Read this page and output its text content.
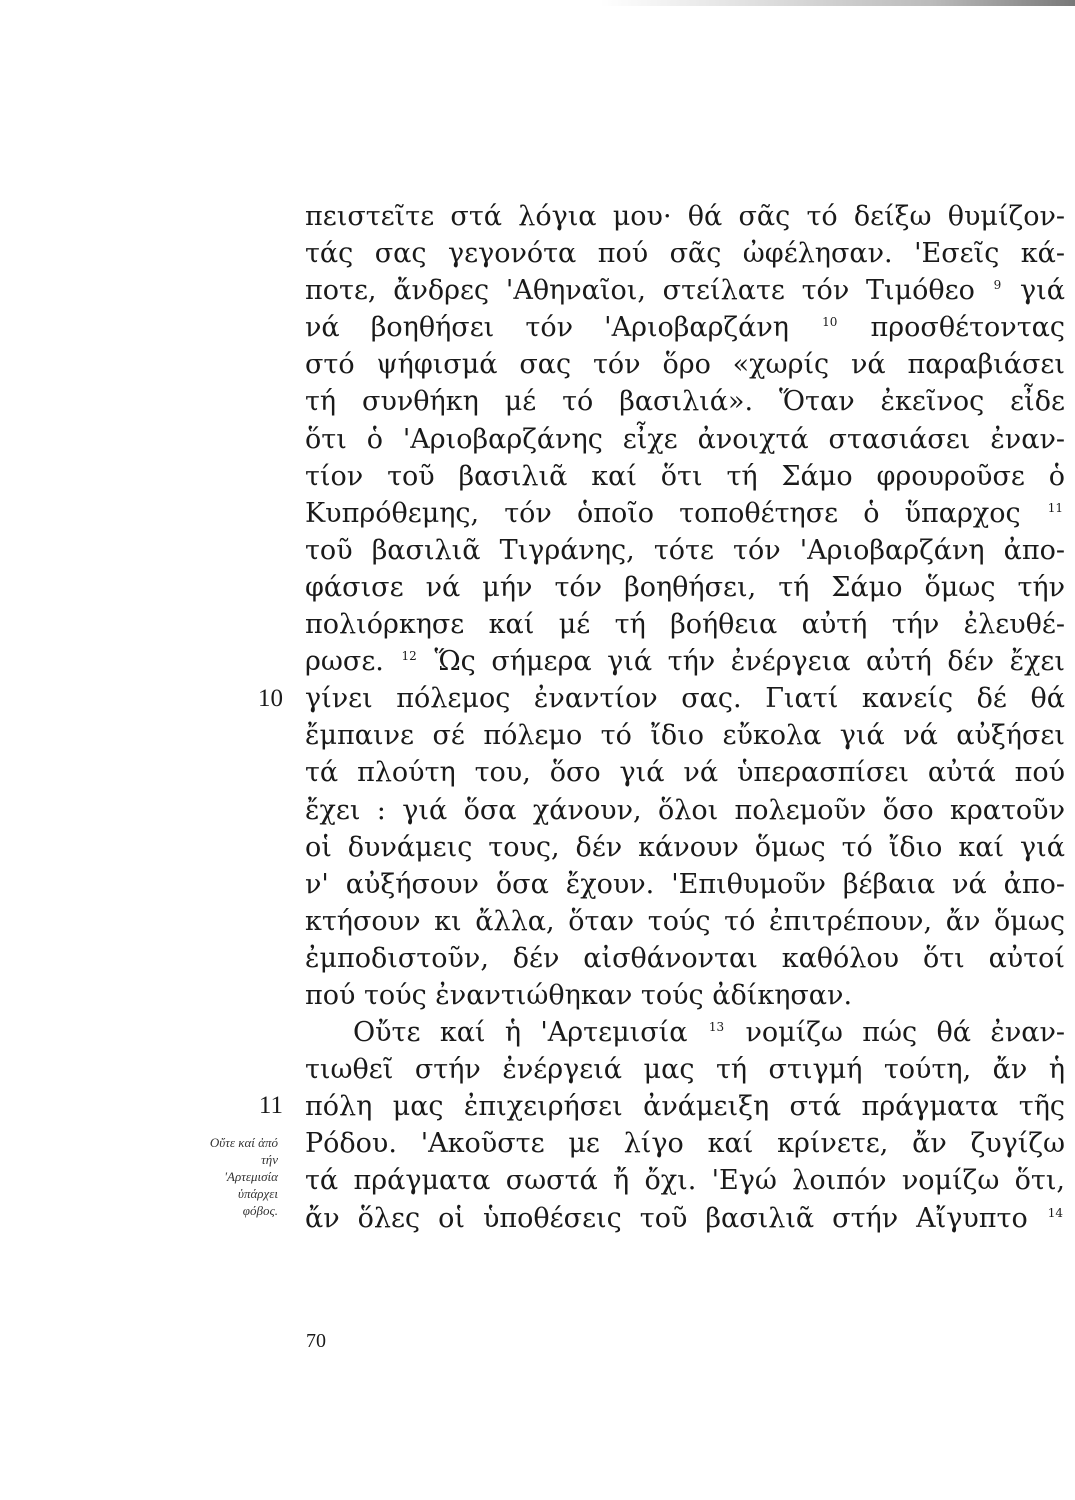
πειστεῖτε στά λόγια μου· θά σᾶς τό δείξω θυμίζον-
τάς σας γεγονότα πού σᾶς ὠφέλησαν. 'Εσεῖς κά-
ποτε, ἄνδρες 'Αθηναῖοι, στείλατε τόν Τιμόθεο $^9$ γιά
νά βοηθήσει τόν 'Αριοβαρζάνη $^{10}$ προσθέτοντας
στό ψήφισμά σας τόν ὅρο «χωρίς νά παραβιάσει
τή συνθήκη μέ τό βασιλιά». Ὅταν ἐκεῖνος εἶδε
ὅτι ὁ 'Αριοβαρζάνης εἶχε ἀνοιχτά στασιάσει ἐναν-
τίον τοῦ βασιλιᾶ καί ὅτι τή Σάμο φρουροῦσε ὁ
Κυπρόθεμης, τόν ὁποῖο τοποθέτησε ὁ ὕπαρχος $^{11}$
τοῦ βασιλιᾶ Τιγράνης, τότε τόν 'Αριοβαρζάνη ἀπο-
φάσισε νά μήν τόν βοηθήσει, τή Σάμο ὅμως τήν
πολιόρκησε καί μέ τή βοήθεια αὐτή τήν ἐλευθέ-
ρωσε. $^{12}$ Ὥς σήμερα γιά τήν ἐνέργεια αὐτή δέν ἔχει
γίνει πόλεμος ἐναντίον σας. Γιατί κανείς δέ θά
ἔμπαινε σέ πόλεμο τό ἴδιο εὔκολα γιά νά αὐξήσει
τά πλούτη του, ὅσο γιά νά ὑπερασπίσει αὐτά πού
ἔχει : γιά ὅσα χάνουν, ὅλοι πολεμοῦν ὅσο κρατοῦν
οἱ δυνάμεις τους, δέν κάνουν ὅμως τό ἴδιο καί γιά
ν' αὐξήσουν ὅσα ἔχουν. 'Επιθυμοῦν βέβαια νά ἀπο-
κτήσουν κι ἄλλα, ὅταν τούς τό ἐπιτρέπουν, ἄν ὅμως
ἐμποδιστοῦν, δέν αἰσθάνονται καθόλου ὅτι αὐτοί
πού τούς ἐναντιώθηκαν τούς ἀδίκησαν.
Οὔτε καί ἡ 'Αρτεμισία $^{13}$ νομίζω πώς θά ἐναν-
τιωθεῖ στήν ἐνέργειά μας τή στιγμή τούτη, ἄν ἡ
πόλη μας ἐπιχειρήσει ἀνάμειξη στά πράγματα τῆς
Ρόδου. 'Ακοῦστε με λίγο καί κρίνετε, ἄν ζυγίζω
τά πράγματα σωστά ἤ ὄχι. 'Εγώ λοιπόν νομίζω ὅτι,
ἄν ὅλες οἱ ὑποθέσεις τοῦ βασιλιᾶ στήν Αἴγυπτο $^{14}$
10
11
Οὔτε καί ἀπό
τήν
'Αρτεμισία
ὑπάρχει
φόβος.
70
